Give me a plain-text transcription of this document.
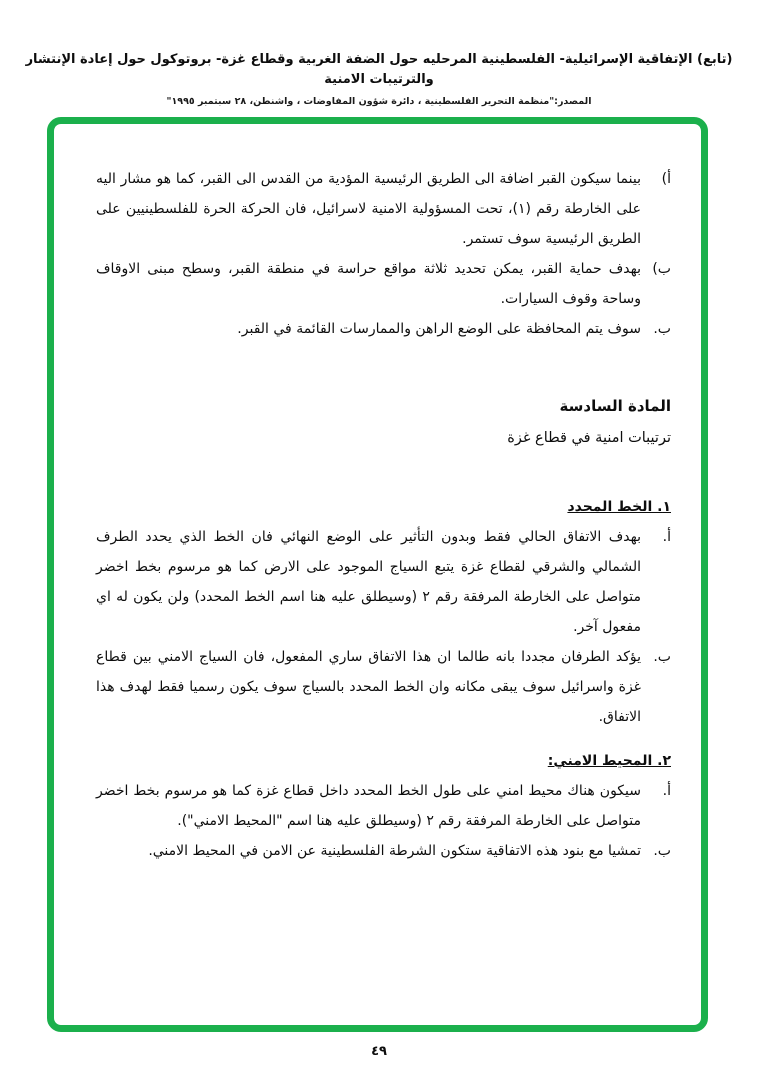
(تابع) الإتفاقية الإسرائيلية- الفلسطينية المرحليه حول الضفة الغربية وقطاع غزة- بروتوكول حول إعادة الإنتشار والترتيبات الامنية
المصدر:"منظمة التحرير الفلسطينية ، دائرة شؤون المفاوضات ، واشنطن، ٢٨ سبتمبر ١٩٩٥"
أ)
بينما سيكون القبر اضافة الى الطريق الرئيسية المؤدية من القدس الى القبر، كما هو مشار اليه على الخارطة رقم (١)، تحت المسؤولية الامنية لاسرائيل، فان الحركة الحرة للفلسطينيين على الطريق الرئيسية سوف تستمر.
ب)
بهدف حماية القبر، يمكن تحديد ثلاثة مواقع حراسة في منطقة القبر، وسطح مبنى الاوقاف وساحة وقوف السيارات.
ب.
سوف يتم المحافظة على الوضع الراهن والممارسات القائمة في القبر.
المادة السادسة
ترتيبات امنية في قطاع غزة
١. الخط المحدد
أ.
بهدف الاتفاق الحالي فقط وبدون التأثير على الوضع النهائي فان الخط الذي يحدد الطرف الشمالي والشرقي لقطاع غزة يتبع السياج الموجود على الارض كما هو مرسوم بخط اخضر متواصل على الخارطة المرفقة رقم ٢ (وسيطلق عليه هنا اسم الخط المحدد) ولن يكون له اي مفعول آخر.
ب.
يؤكد الطرفان مجددا بانه طالما ان هذا الاتفاق ساري المفعول، فان السياج الامني بين قطاع غزة واسرائيل سوف يبقى مكانه وان الخط المحدد بالسياج سوف يكون رسميا فقط لهدف هذا الاتفاق.
٢. المحيط الامني:
أ.
سيكون هناك محيط امني على طول الخط المحدد داخل قطاع غزة كما هو مرسوم بخط اخضر متواصل على الخارطة المرفقة رقم ٢ (وسيطلق عليه هنا اسم "المحيط الامني").
ب.
تمشيا مع بنود هذه الاتفاقية ستكون الشرطة الفلسطينية عن الامن في المحيط الامني.
٤٩
